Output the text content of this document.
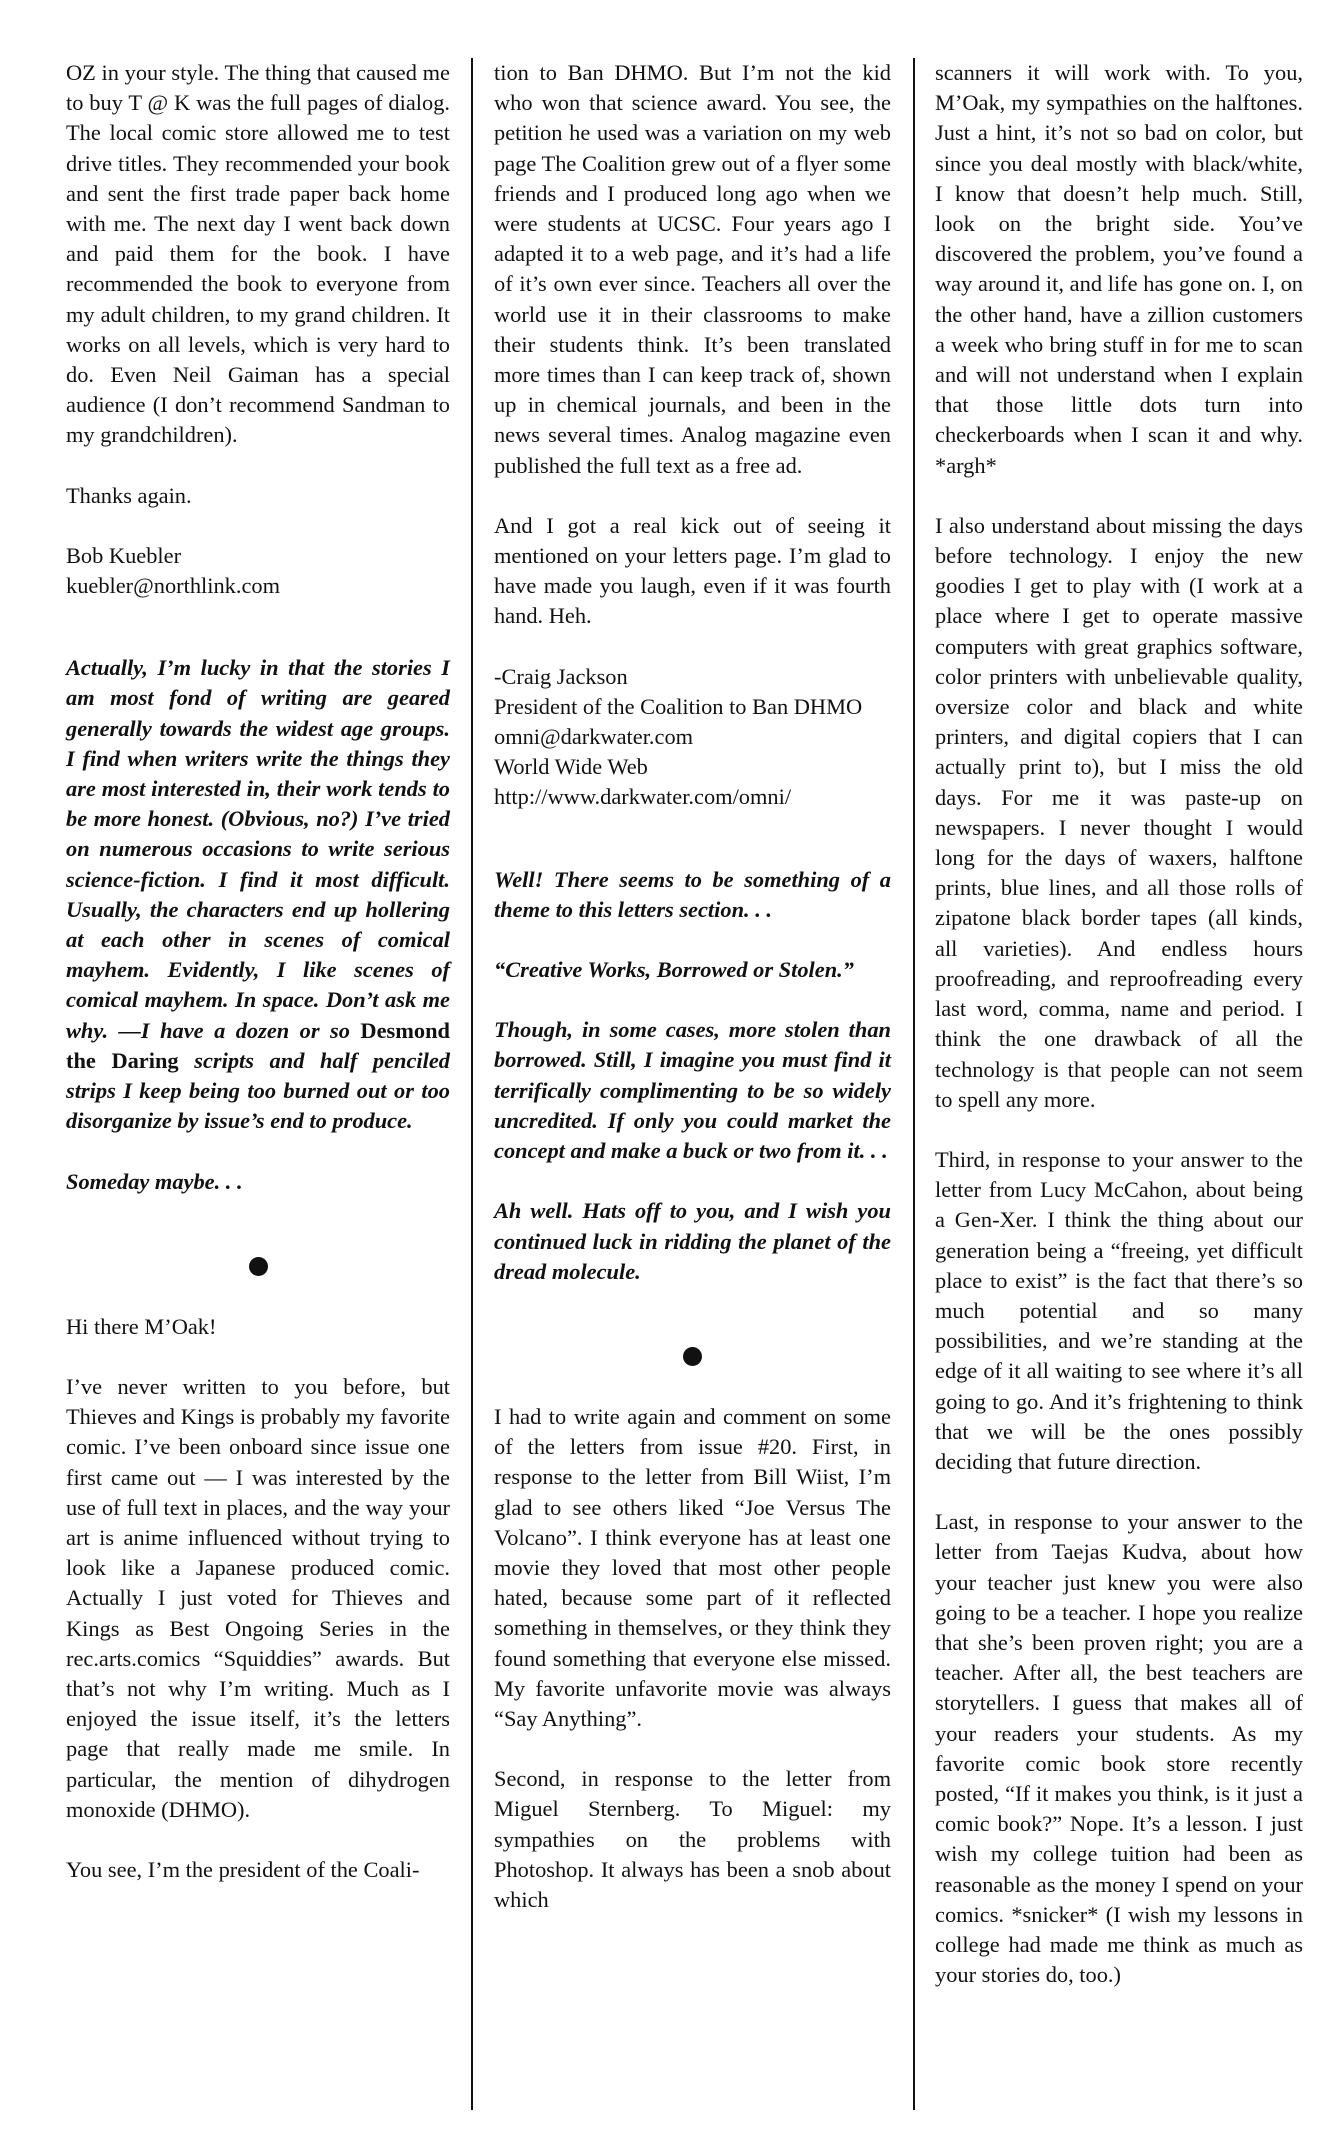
OZ in your style. The thing that caused me to buy T @ K was the full pages of dialog. The local comic store allowed me to test drive titles. They recommended your book and sent the first trade paper back home with me. The next day I went back down and paid them for the book. I have recommended the book to everyone from my adult children, to my grand children. It works on all levels, which is very hard to do. Even Neil Gaiman has a special audience (I don’t recommend Sandman to my grandchildren).

Thanks again.

Bob Kuebler
kuebler@northlink.com

Actually, I’m lucky in that the stories I am most fond of writing are geared generally towards the widest age groups. I find when writers write the things they are most interested in, their work tends to be more honest. (Obvious, no?) I’ve tried on numerous occasions to write serious science-fiction. I find it most difficult. Usually, the characters end up hollering at each other in scenes of comical mayhem. Evidently, I like scenes of comical mayhem. In space. Don’t ask me why. —I have a dozen or so Desmond the Daring scripts and half penciled strips I keep being too burned out or too disorganize by issue’s end to produce.

Someday maybe. . .

Hi there M’Oak!

I’ve never written to you before, but Thieves and Kings is probably my favorite comic. I’ve been onboard since issue one first came out — I was interested by the use of full text in places, and the way your art is anime influenced without trying to look like a Japanese produced comic. Actually I just voted for Thieves and Kings as Best Ongoing Series in the rec.arts.comics “Squiddies” awards. But that’s not why I’m writing. Much as I enjoyed the issue itself, it’s the letters page that really made me smile. In particular, the mention of dihydrogen monoxide (DHMO).

You see, I’m the president of the Coali-

tion to Ban DHMO. But I’m not the kid who won that science award. You see, the petition he used was a variation on my web page The Coalition grew out of a flyer some friends and I produced long ago when we were students at UCSC. Four years ago I adapted it to a web page, and it’s had a life of it’s own ever since. Teachers all over the world use it in their classrooms to make their students think. It’s been translated more times than I can keep track of, shown up in chemical journals, and been in the news several times. Analog magazine even published the full text as a free ad.

And I got a real kick out of seeing it mentioned on your letters page. I’m glad to have made you laugh, even if it was fourth hand. Heh.

-Craig Jackson
President of the Coalition to Ban DHMO
omni@darkwater.com
World Wide Web
http://www.darkwater.com/omni/

Well! There seems to be something of a theme to this letters section. . .

“Creative Works, Borrowed or Stolen.”

Though, in some cases, more stolen than borrowed. Still, I imagine you must find it terrifically complimenting to be so widely uncredited. If only you could market the concept and make a buck or two from it. . .

Ah well. Hats off to you, and I wish you continued luck in ridding the planet of the dread molecule.

I had to write again and comment on some of the letters from issue #20. First, in response to the letter from Bill Wiist, I’m glad to see others liked “Joe Versus The Volcano”. I think everyone has at least one movie they loved that most other people hated, because some part of it reflected something in themselves, or they think they found something that everyone else missed. My favorite unfavorite movie was always “Say Anything”.

Second, in response to the letter from Miguel Sternberg. To Miguel: my sympathies on the problems with Photoshop. It always has been a snob about which

scanners it will work with. To you, M’Oak, my sympathies on the halftones. Just a hint, it’s not so bad on color, but since you deal mostly with black/white, I know that doesn’t help much. Still, look on the bright side. You’ve discovered the problem, you’ve found a way around it, and life has gone on. I, on the other hand, have a zillion customers a week who bring stuff in for me to scan and will not understand when I explain that those little dots turn into checkerboards when I scan it and why. *argh*

I also understand about missing the days before technology. I enjoy the new goodies I get to play with (I work at a place where I get to operate massive computers with great graphics software, color printers with unbelievable quality, oversize color and black and white printers, and digital copiers that I can actually print to), but I miss the old days. For me it was paste-up on newspapers. I never thought I would long for the days of waxers, halftone prints, blue lines, and all those rolls of zipatone black border tapes (all kinds, all varieties). And endless hours proofreading, and reproofreading every last word, comma, name and period. I think the one drawback of all the technology is that people can not seem to spell any more.

Third, in response to your answer to the letter from Lucy McCahon, about being a Gen-Xer. I think the thing about our generation being a “freeing, yet difficult place to exist” is the fact that there’s so much potential and so many possibilities, and we’re standing at the edge of it all waiting to see where it’s all going to go. And it’s frightening to think that we will be the ones possibly deciding that future direction.

Last, in response to your answer to the letter from Taejas Kudva, about how your teacher just knew you were also going to be a teacher. I hope you realize that she’s been proven right; you are a teacher. After all, the best teachers are storytellers. I guess that makes all of your readers your students. As my favorite comic book store recently posted, “If it makes you think, is it just a comic book?” Nope. It’s a lesson. I just wish my college tuition had been as reasonable as the money I spend on your comics. *snicker* (I wish my lessons in college had made me think as much as your stories do, too.)
